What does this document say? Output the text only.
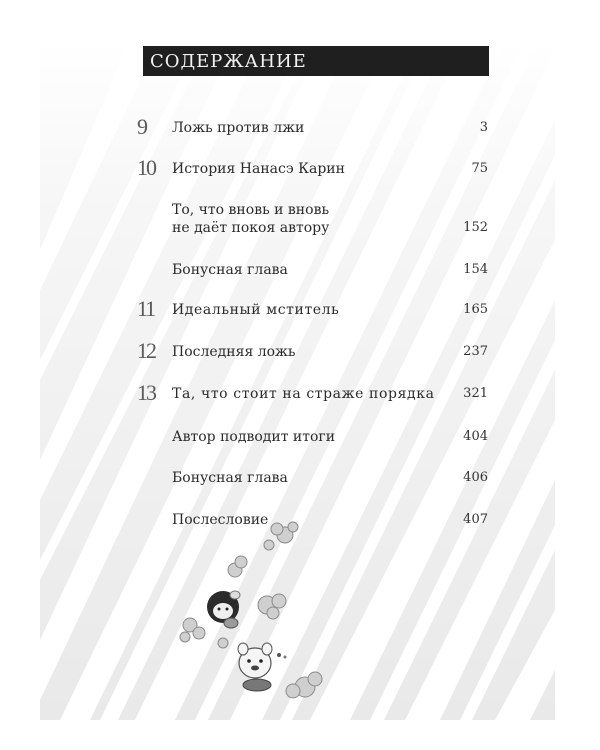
СОДЕРЖАНИЕ
9	Ложь против лжи	3
10	История Нанасэ Карин	75
То, что вновь и вновь
не даёт покоя автору	152
Бонусная глава	154
11	Идеальный мститель	165
12	Последняя ложь	237
13	Та, что стоит на страже порядка 321
Автор подводит итоги	404
Бонусная глава	406
Послесловие	407
